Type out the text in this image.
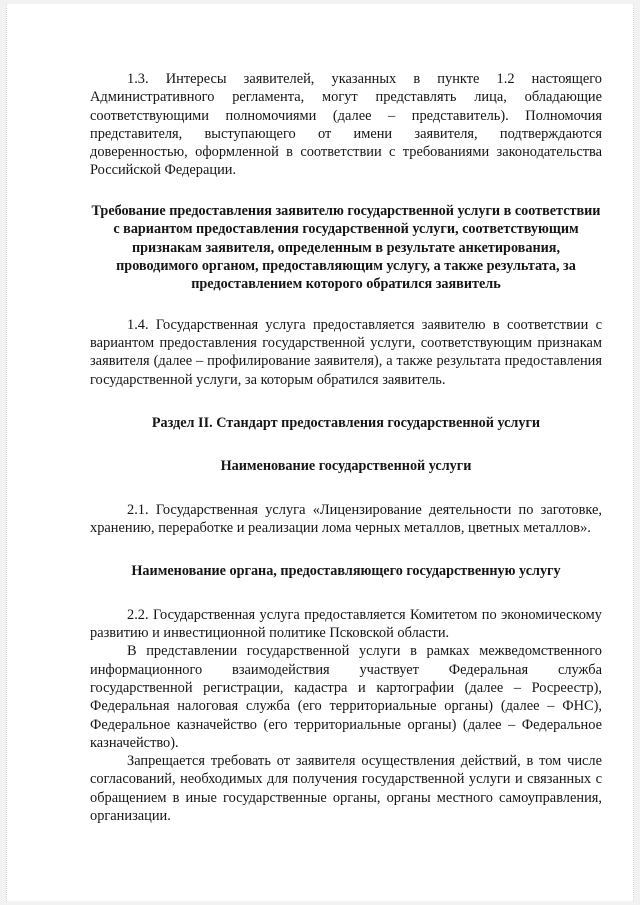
1.3. Интересы заявителей, указанных в пункте 1.2 настоящего Административного регламента, могут представлять лица, обладающие соответствующими полномочиями (далее – представитель). Полномочия представителя, выступающего от имени заявителя, подтверждаются доверенностью, оформленной в соответствии с требованиями законодательства Российской Федерации.

Требование предоставления заявителю государственной услуги в соответствии с вариантом предоставления государственной услуги, соответствующим признакам заявителя, определенным в результате анкетирования, проводимого органом, предоставляющим услугу, а также результата, за предоставлением которого обратился заявитель

1.4. Государственная услуга предоставляется заявителю в соответствии с вариантом предоставления государственной услуги, соответствующим признакам заявителя (далее – профилирование заявителя), а также результата предоставления государственной услуги, за которым обратился заявитель.

Раздел II. Стандарт предоставления государственной услуги

Наименование государственной услуги

2.1. Государственная услуга «Лицензирование деятельности по заготовке, хранению, переработке и реализации лома черных металлов, цветных металлов».

Наименование органа, предоставляющего государственную услугу

2.2. Государственная услуга предоставляется Комитетом по экономическому развитию и инвестиционной политике Псковской области.

В представлении государственной услуги в рамках межведомственного информационного взаимодействия участвует Федеральная служба государственной регистрации, кадастра и картографии (далее – Росреестр), Федеральная налоговая служба (его территориальные органы) (далее – ФНС), Федеральное казначейство (его территориальные органы) (далее – Федеральное казначейство).

Запрещается требовать от заявителя осуществления действий, в том числе согласований, необходимых для получения государственной услуги и связанных с обращением в иные государственные органы, органы местного самоуправления, организации.
